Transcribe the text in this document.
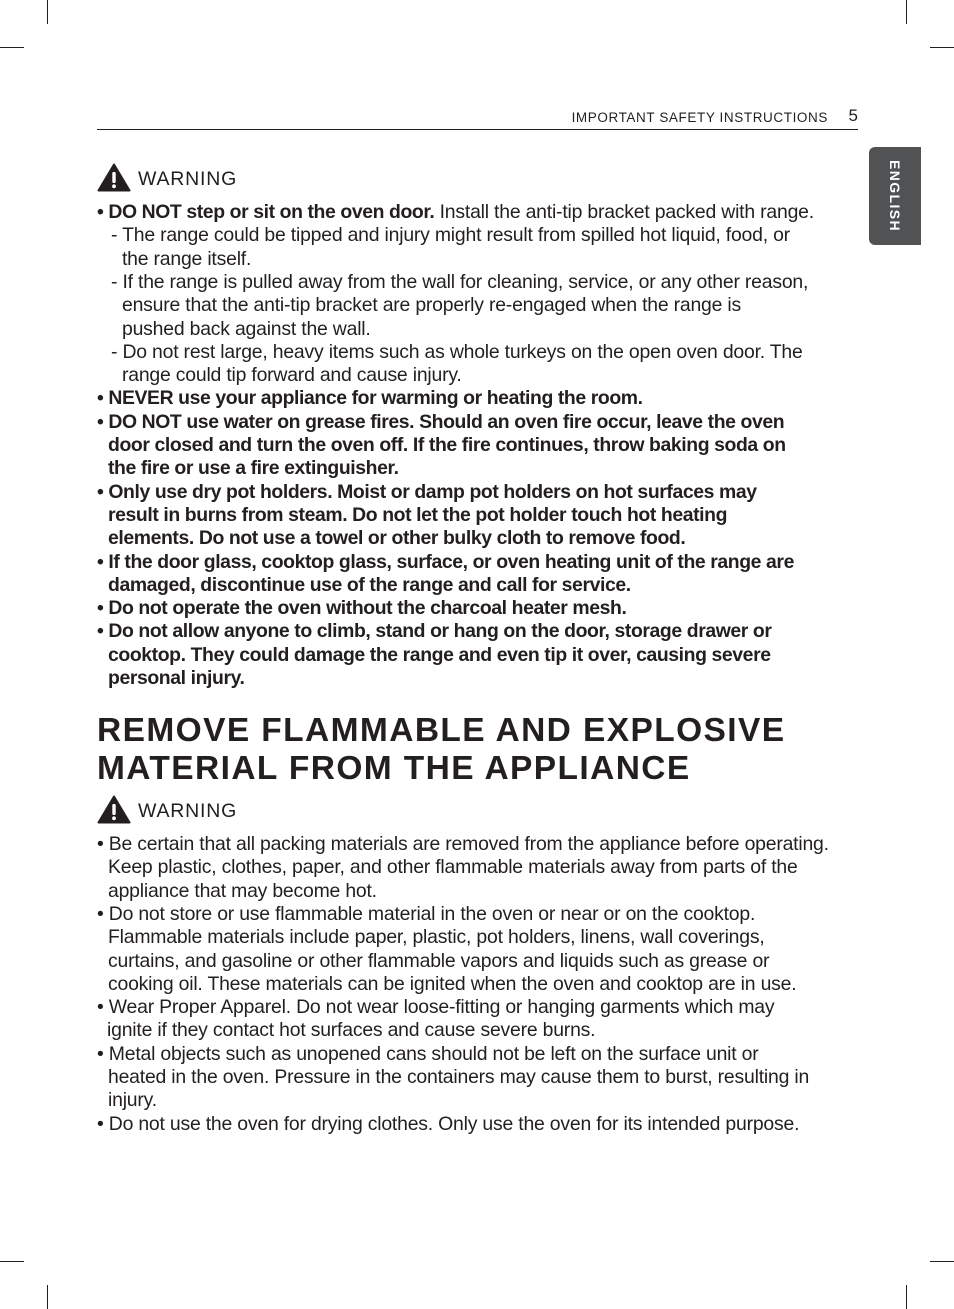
IMPORTANT SAFETY INSTRUCTIONS 5
ENGLISH
WARNING
• DO NOT step or sit on the oven door. Install the anti-tip bracket packed with range.
- The range could be tipped and injury might result from spilled hot liquid, food, or
the range itself.
- If the range is pulled away from the wall for cleaning, service, or any other reason,
ensure that the anti-tip bracket are properly re-engaged when the range is
pushed back against the wall.
- Do not rest large, heavy items such as whole turkeys on the open oven door. The
range could tip forward and cause injury.
• NEVER use your appliance for warming or heating the room.
• DO NOT use water on grease fires. Should an oven fire occur, leave the oven
door closed and turn the oven off. If the fire continues, throw baking soda on
the fire or use a fire extinguisher.
• Only use dry pot holders. Moist or damp pot holders on hot surfaces may
result in burns from steam. Do not let the pot holder touch hot heating
elements. Do not use a towel or other bulky cloth to remove food.
• If the door glass, cooktop glass, surface, or oven heating unit of the range are
damaged, discontinue use of the range and call for service.
• Do not operate the oven without the charcoal heater mesh.
• Do not allow anyone to climb, stand or hang on the door, storage drawer or
cooktop. They could damage the range and even tip it over, causing severe
personal injury.
REMOVE FLAMMABLE AND EXPLOSIVE
MATERIAL FROM THE APPLIANCE
WARNING
• Be certain that all packing materials are removed from the appliance before operating.
Keep plastic, clothes, paper, and other flammable materials away from parts of the
appliance that may become hot.
• Do not store or use flammable material in the oven or near or on the cooktop.
Flammable materials include paper, plastic, pot holders, linens, wall coverings,
curtains, and gasoline or other flammable vapors and liquids such as grease or
cooking oil. These materials can be ignited when the oven and cooktop are in use.
• Wear Proper Apparel. Do not wear loose-fitting or hanging garments which may
ignite if they contact hot surfaces and cause severe burns.
• Metal objects such as unopened cans should not be left on the surface unit or
heated in the oven. Pressure in the containers may cause them to burst, resulting in
injury.
• Do not use the oven for drying clothes. Only use the oven for its intended purpose.
